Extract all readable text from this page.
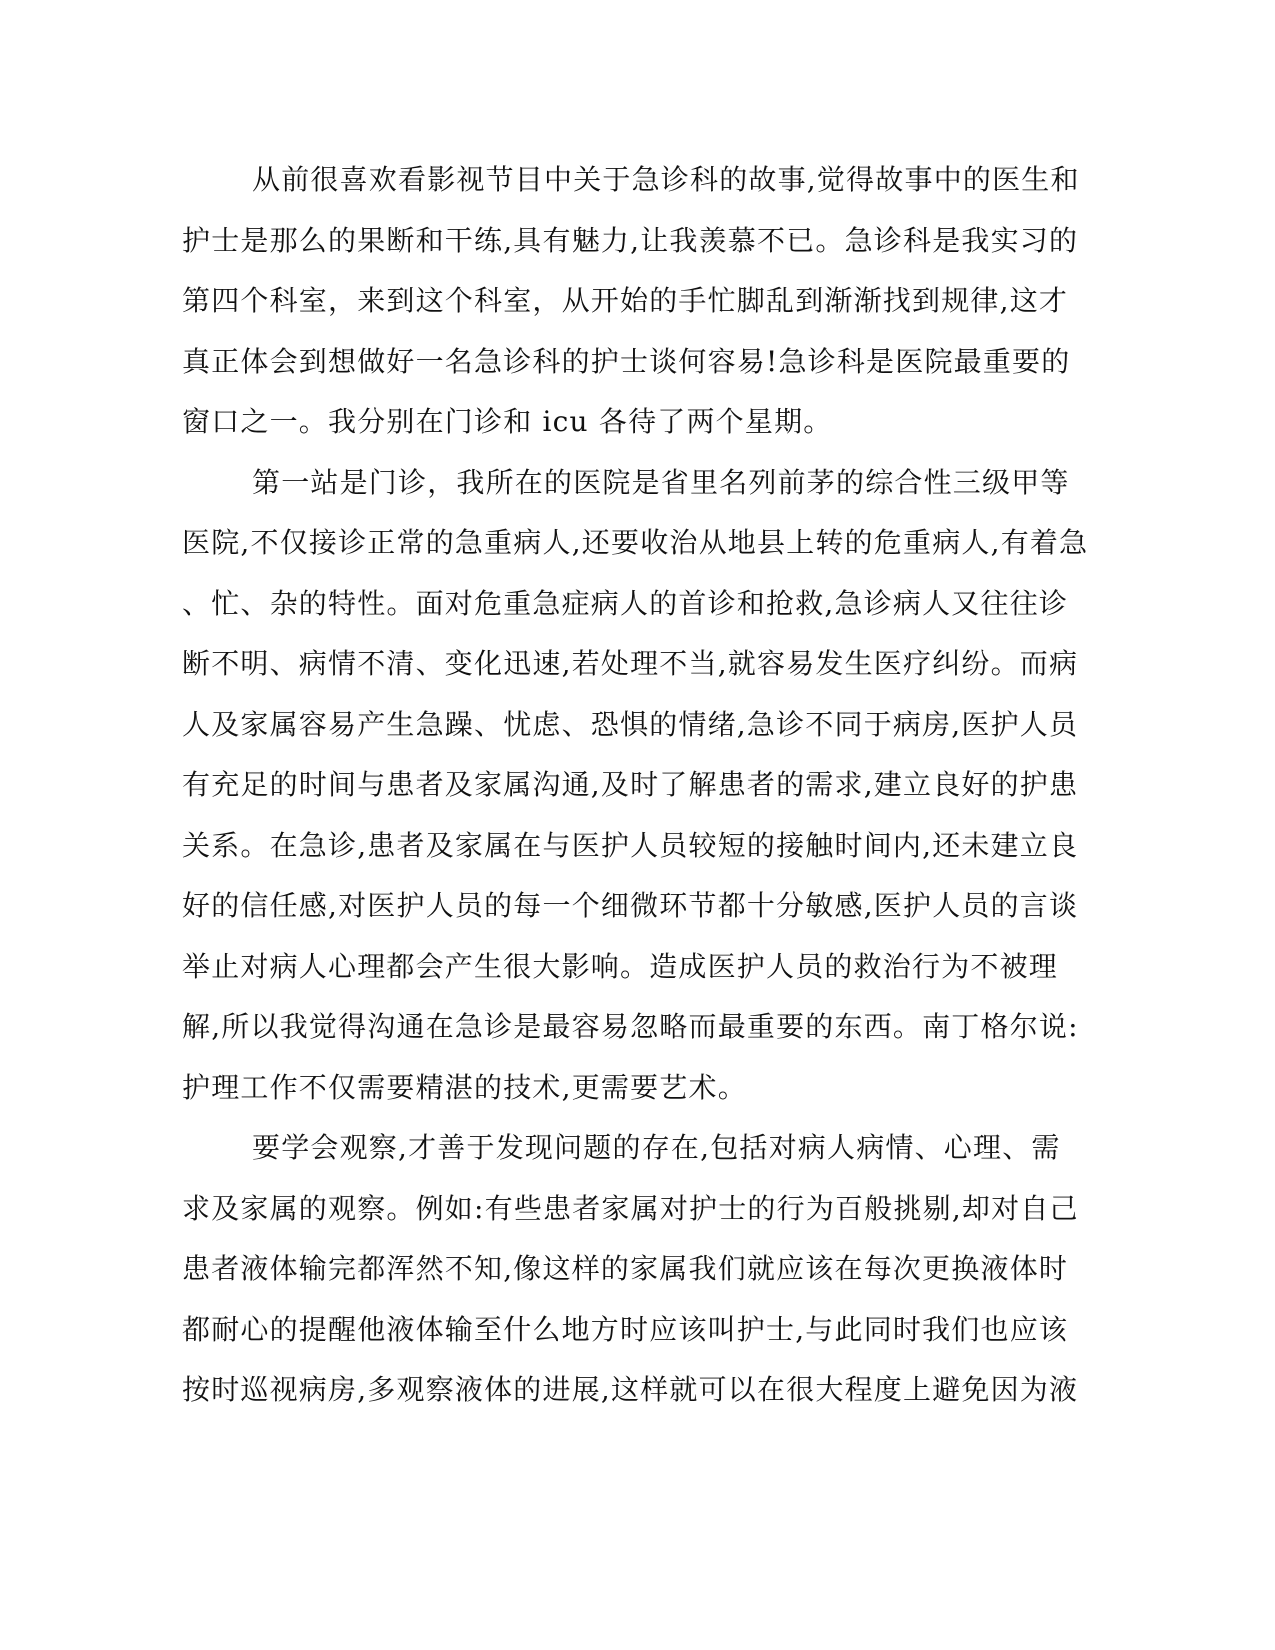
从前很喜欢看影视节目中关于急诊科的故事,觉得故事中的医生和
护士是那么的果断和干练,具有魅力,让我羡慕不已。急诊科是我实习的
第四个科室，来到这个科室，从开始的手忙脚乱到渐渐找到规律,这才
真正体会到想做好一名急诊科的护士谈何容易!急诊科是医院最重要的
窗口之一。我分别在门诊和 icu 各待了两个星期。
第一站是门诊，我所在的医院是省里名列前茅的综合性三级甲等
医院,不仅接诊正常的急重病人,还要收治从地县上转的危重病人,有着急
、忙、杂的特性。面对危重急症病人的首诊和抢救,急诊病人又往往诊
断不明、病情不清、变化迅速,若处理不当,就容易发生医疗纠纷。而病
人及家属容易产生急躁、忧虑、恐惧的情绪,急诊不同于病房,医护人员
有充足的时间与患者及家属沟通,及时了解患者的需求,建立良好的护患
关系。在急诊,患者及家属在与医护人员较短的接触时间内,还未建立良
好的信任感,对医护人员的每一个细微环节都十分敏感,医护人员的言谈
举止对病人心理都会产生很大影响。造成医护人员的救治行为不被理
解,所以我觉得沟通在急诊是最容易忽略而最重要的东西。南丁格尔说:
护理工作不仅需要精湛的技术,更需要艺术。
要学会观察,才善于发现问题的存在,包括对病人病情、心理、需
求及家属的观察。例如:有些患者家属对护士的行为百般挑剔,却对自己
患者液体输完都浑然不知,像这样的家属我们就应该在每次更换液体时
都耐心的提醒他液体输至什么地方时应该叫护士,与此同时我们也应该
按时巡视病房,多观察液体的进展,这样就可以在很大程度上避免因为液
